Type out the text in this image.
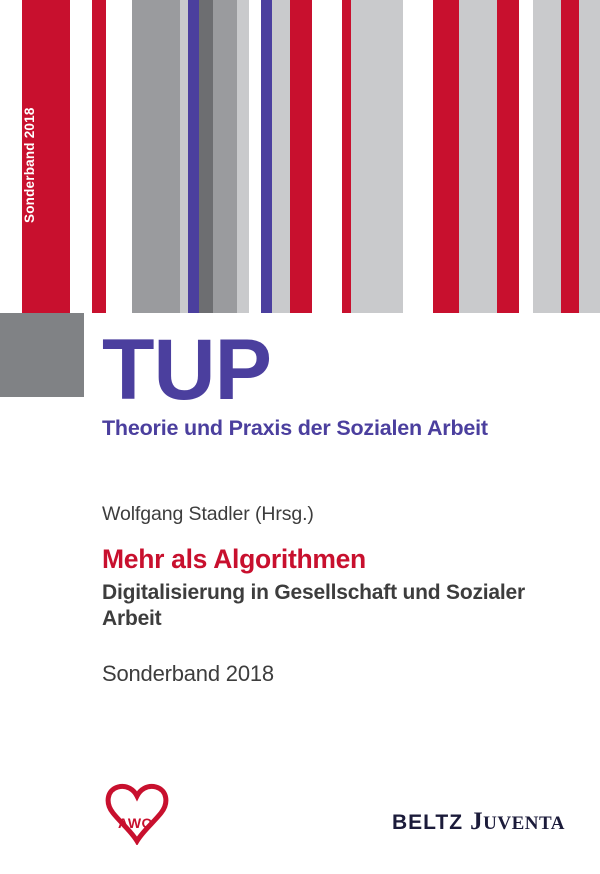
Sonderband 2018
TUP
Theorie und Praxis der Sozialen Arbeit
Wolfgang Stadler (Hrsg.)
Mehr als Algorithmen
Digitalisierung in Gesellschaft und Sozialer Arbeit
Sonderband 2018
AWO	BELTZ JUVENTA
